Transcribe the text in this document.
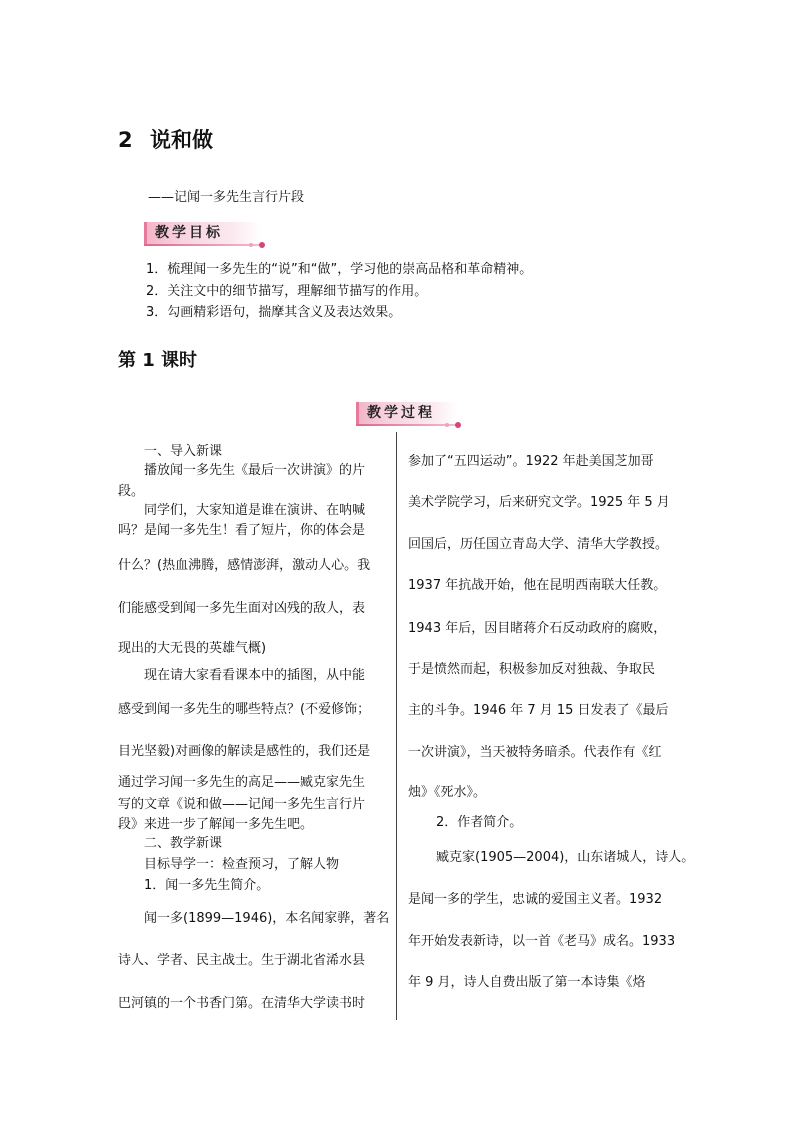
2 说和做
——记闻一多先生言行片段
教学目标
1．梳理闻一多先生的“说”和“做”，学习他的崇高品格和革命精神。
2．关注文中的细节描写，理解细节描写的作用。
3．勾画精彩语句，揣摩其含义及表达效果。
第 1 课时
教学过程
一、导入新课
播放闻一多先生《最后一次讲演》的片
段。
同学们，大家知道是谁在演讲、在呐喊
吗？是闻一多先生！看了短片，你的体会是
什么？(热血沸腾，感情澎湃，激动人心。我
们能感受到闻一多先生面对凶残的敌人，表
现出的大无畏的英雄气概)
现在请大家看看课本中的插图，从中能
感受到闻一多先生的哪些特点？(不爱修饰；
目光坚毅)对画像的解读是感性的，我们还是
通过学习闻一多先生的高足——臧克家先生
写的文章《说和做——记闻一多先生言行片
段》来进一步了解闻一多先生吧。
二、教学新课
目标导学一：检查预习，了解人物
1．闻一多先生简介。
闻一多(1899—1946)，本名闻家骅，著名
诗人、学者、民主战士。生于湖北省浠水县
巴河镇的一个书香门第。在清华大学读书时
参加了“五四运动”。1922 年赴美国芝加哥
美术学院学习，后来研究文学。1925 年 5 月
回国后，历任国立青岛大学、清华大学教授。
1937 年抗战开始，他在昆明西南联大任教。
1943 年后，因目睹蒋介石反动政府的腐败，
于是愤然而起，积极参加反对独裁、争取民
主的斗争。1946 年 7 月 15 日发表了《最后
一次讲演》，当天被特务暗杀。代表作有《红
烛》《死水》。
2．作者简介。
臧克家(1905—2004)，山东诸城人，诗人。
是闻一多的学生，忠诚的爱国主义者。1932
年开始发表新诗，以一首《老马》成名。1933
年 9 月，诗人自费出版了第一本诗集《烙
